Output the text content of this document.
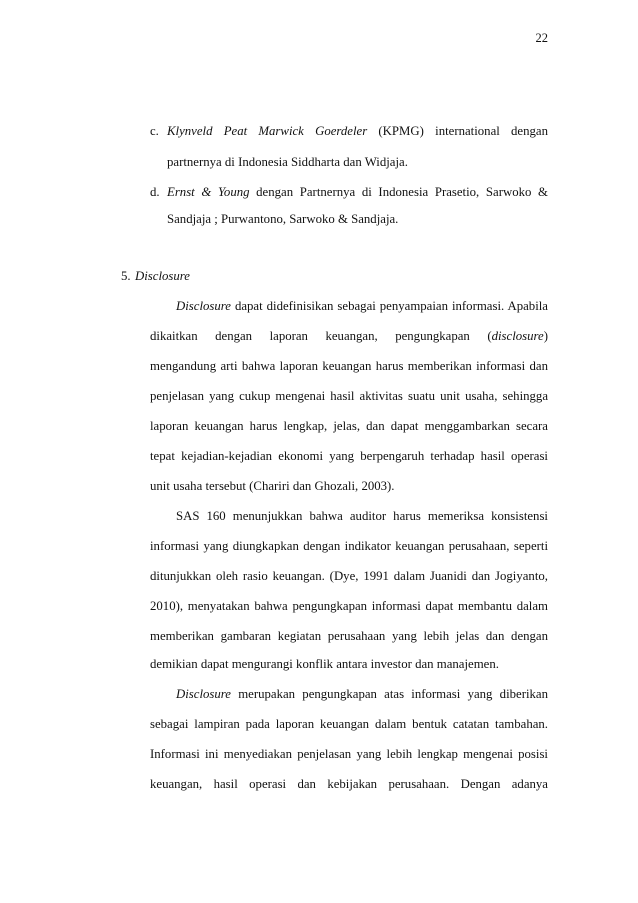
22
c. Klynveld Peat Marwick Goerdeler (KPMG) international dengan
partnernya di Indonesia Siddharta dan Widjaja.
d. Ernst & Young dengan Partnernya di Indonesia Prasetio, Sarwoko &
Sandjaja ; Purwantono, Sarwoko & Sandjaja.
5. Disclosure
Disclosure dapat didefinisikan sebagai penyampaian informasi. Apabila
dikaitkan dengan laporan keuangan, pengungkapan (disclosure)
mengandung arti bahwa laporan keuangan harus memberikan informasi dan
penjelasan yang cukup mengenai hasil aktivitas suatu unit usaha, sehingga
laporan keuangan harus lengkap, jelas, dan dapat menggambarkan secara
tepat kejadian-kejadian ekonomi yang berpengaruh terhadap hasil operasi
unit usaha tersebut (Chariri dan Ghozali, 2003).
SAS 160 menunjukkan bahwa auditor harus memeriksa konsistensi
informasi yang diungkapkan dengan indikator keuangan perusahaan, seperti
ditunjukkan oleh rasio keuangan. (Dye, 1991 dalam Juanidi dan Jogiyanto,
2010), menyatakan bahwa pengungkapan informasi dapat membantu dalam
memberikan gambaran kegiatan perusahaan yang lebih jelas dan dengan
demikian dapat mengurangi konflik antara investor dan manajemen.
Disclosure merupakan pengungkapan atas informasi yang diberikan
sebagai lampiran pada laporan keuangan dalam bentuk catatan tambahan.
Informasi ini menyediakan penjelasan yang lebih lengkap mengenai posisi
keuangan, hasil operasi dan kebijakan perusahaan. Dengan adanya
